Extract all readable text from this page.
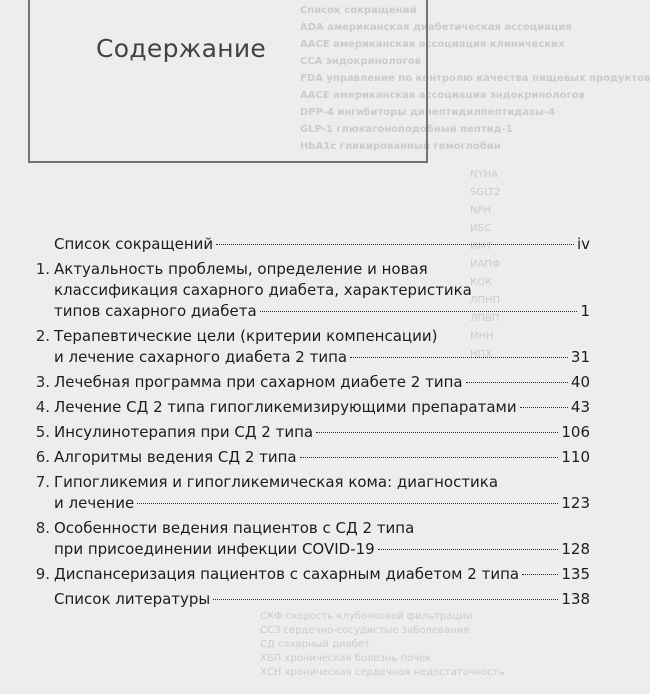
Список сокращений
ADA американская диабетическая ассоциация
AACE американская ассоциация клинических
CCA эндокринологов
FDA управление по контролю качества пищевых продуктов
AACE американская ассоциация эндокринологов
DPP-4 ингибиторы дипептидилпептидазы-4
GLP-1 глюкагоноподобный пептид-1
HbA1c гликированный гемоглобин
NYHA
SGLT2
NPH
ИБС
ИМТ
ИАПФ
КОК
ЛПНП
ЛПВП
МНН
НПХ
СКФ скорость клубочковой фильтрации
ССЗ сердечно-сосудистые заболевания
СД сахарный диабет
ХБП хроническая болезнь почек
ХСН хроническая сердечная недостаточность
Содержание
Список сокращений	iv
1. Актуальность проблемы, определение и новая
классификация сахарного диабета, характеристика
типов сахарного диабета	1
2. Терапевтические цели (критерии компенсации)
и лечение сахарного диабета 2 типа	31
3. Лечебная программа при сахарном диабете 2 типа	40
4. Лечение СД 2 типа гипогликемизирующими препаратами	43
5. Инсулинотерапия при СД 2 типа	106
6. Алгоритмы ведения СД 2 типа	110
7. Гипогликемия и гипогликемическая кома: диагностика
и лечение	123
8. Особенности ведения пациентов с СД 2 типа
при присоединении инфекции COVID-19	128
9. Диспансеризация пациентов с сахарным диабетом 2 типа	135
Список литературы	138
